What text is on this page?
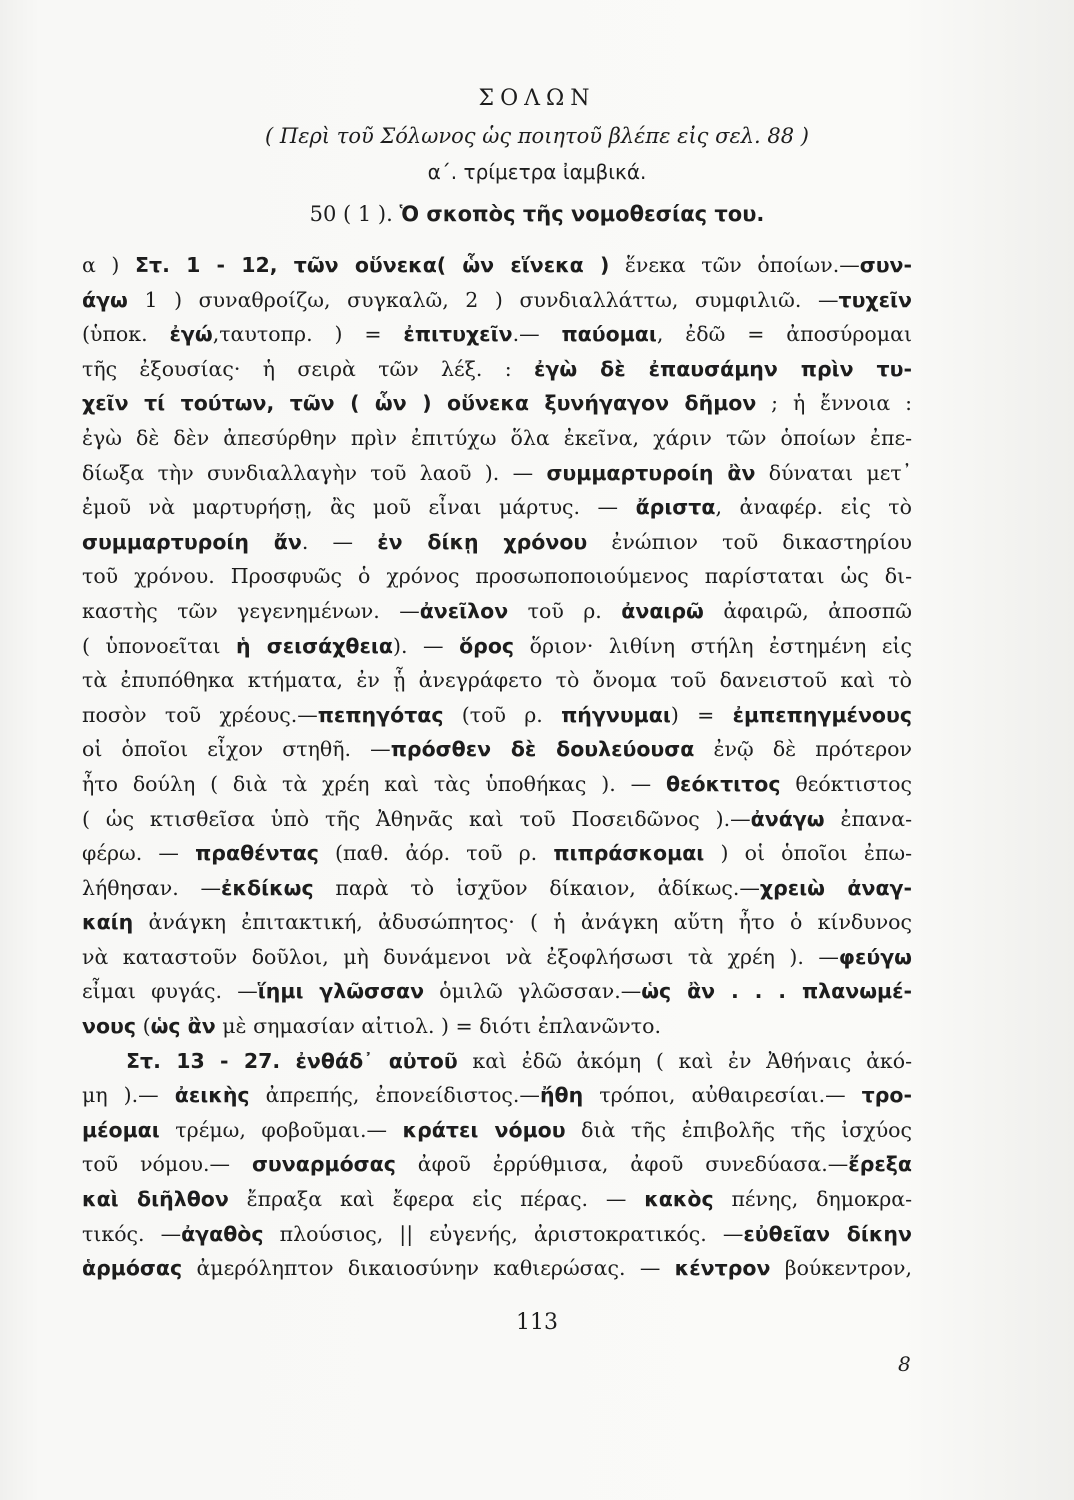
ΣΟΛΩΝ
( Περὶ τοῦ Σόλωνος ὡς ποιητοῦ βλέπε εἰς σελ. 88 )
α΄. τρίμετρα ἰαμβικά.
50 ( 1 ). Ὁ σκοπὸς τῆς νομοθεσίας του.
α ) Στ. 1 - 12, τῶν οὕνεκα( ὧν εἵνεκα ) ἕνεκα τῶν ὁποίων.—συν-
άγω 1 ) συναθροίζω, συγκαλῶ, 2 ) συνδιαλλάττω, συμφιλιῶ. —τυχεῖν
(ὑποκ. ἐγώ,ταυτοπρ. ) = ἐπιτυχεῖν.— παύομαι, ἐδῶ = ἀποσύρομαι
τῆς ἐξουσίας· ἡ σειρὰ τῶν λέξ. : ἐγὼ δὲ ἐπαυσάμην πρὶν τυ-
χεῖν τί τούτων, τῶν ( ὧν ) οὕνεκα ξυνήγαγον δῆμον ; ἡ ἔννοια :
ἐγὼ δὲ δὲν ἀπεσύρθην πρὶν ἐπιτύχω ὅλα ἐκεῖνα, χάριν τῶν ὁποίων ἐπε-
δίωξα τὴν συνδιαλλαγὴν τοῦ λαοῦ ). — συμμαρτυροίη ἂν δύναται μετ᾽
ἐμοῦ νὰ μαρτυρήσῃ, ἂς μοῦ εἶναι μάρτυς. — ἄριστα, ἀναφέρ. εἰς τὸ
συμμαρτυροίη ἄν. — ἐν δίκῃ χρόνου ἐνώπιον τοῦ δικαστηρίου
τοῦ χρόνου. Προσφυῶς ὁ χρόνος προσωποποιούμενος παρίσταται ὡς δι-
καστὴς τῶν γεγενημένων. —ἀνεῖλον τοῦ ρ. ἀναιρῶ ἀφαιρῶ, ἀποσπῶ
( ὑπονοεῖται ἡ σεισάχθεια). — ὅρος ὅριον· λιθίνη στήλη ἐστημένη εἰς
τὰ ἐπυπόθηκα κτήματα, ἐν ᾗ ἀνεγράφετο τὸ ὄνομα τοῦ δανειστοῦ καὶ τὸ
ποσὸν τοῦ χρέους.—πεπηγότας (τοῦ ρ. πήγνυμαι) = ἐμπεπηγμένους
οἱ ὁποῖοι εἶχον στηθῆ. —πρόσθεν δὲ δουλεύουσα ἐνῷ δὲ πρότερον
ἦτο δούλη ( διὰ τὰ χρέη καὶ τὰς ὑποθήκας ). — θεόκτιτος θεόκτιστος
( ὡς κτισθεῖσα ὑπὸ τῆς Ἀθηνᾶς καὶ τοῦ Ποσειδῶνος ).—ἀνάγω ἐπανα-
φέρω. — πραθέντας (παθ. ἀόρ. τοῦ ρ. πιπράσκομαι ) οἱ ὁποῖοι ἐπω-
λήθησαν. —ἐκδίκως παρὰ τὸ ἰσχῦον δίκαιον, ἀδίκως.—χρειὼ ἀναγ-
καίη ἀνάγκη ἐπιτακτική, ἀδυσώπητος· ( ἡ ἀνάγκη αὕτη ἦτο ὁ κίνδυνος
νὰ καταστοῦν δοῦλοι, μὴ δυνάμενοι νὰ ἐξοφλήσωσι τὰ χρέη ). —φεύγω
εἶμαι φυγάς. —ἵημι γλῶσσαν ὁμιλῶ γλῶσσαν.—ὡς ἂν . . . πλανωμέ-
νους (ὡς ἂν μὲ σημασίαν αἰτιολ. ) = διότι ἐπλανῶντο.
Στ. 13 - 27. ἐνθάδ᾽ αὐτοῦ καὶ ἐδῶ ἀκόμη ( καὶ ἐν Ἀθήναις ἀκό-
μη ).— ἀεικὴς ἀπρεπής, ἐπονείδιστος.—ἤθη τρόποι, αὐθαιρεσίαι.— τρο-
μέομαι τρέμω, φοβοῦμαι.— κράτει νόμου διὰ τῆς ἐπιβολῆς τῆς ἰσχύος
τοῦ νόμου.— συναρμόσας ἀφοῦ ἐρρύθμισα, ἀφοῦ συνεδύασα.—ἔρεξα
καὶ διῆλθον ἔπραξα καὶ ἔφερα εἰς πέρας. — κακὸς πένης, δημοκρα-
τικός. —ἀγαθὸς πλούσιος, || εὐγενής, ἀριστοκρατικός. —εὐθεῖαν δίκην
ἁρμόσας ἀμερόληπτον δικαιοσύνην καθιερώσας. — κέντρον βούκεντρον,
113
8
